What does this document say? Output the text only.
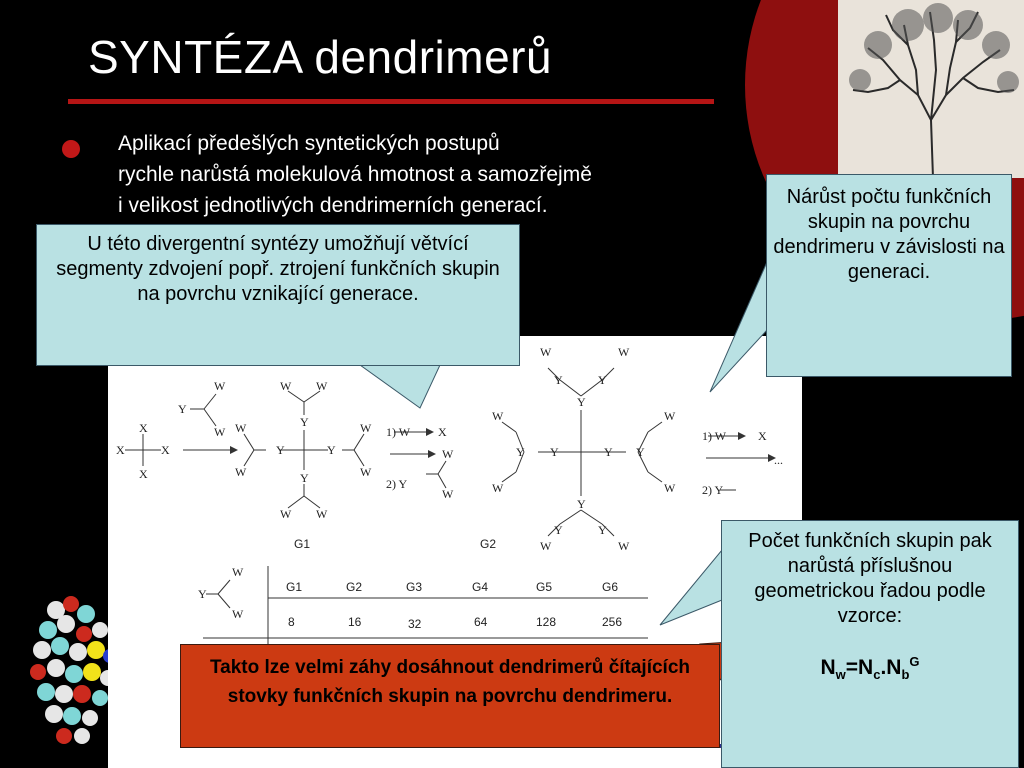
SYNTÉZA dendrimerů

Aplikací předešlých syntetických postupů
rychle narůstá molekulová hmotnost a samozřejmě
i velikost jednotlivých dendrimerních generací.

X
X
X	X
Y
W
W
Y	Y
Y
Y
W W
W W
W
W
W
W
1) W X
2) Y
W
W
Y	Y
Y
Y
Y	Y
Y	Y
Y	Y
W	W
W	W
W
W
W
W
1) W	X
...
2) Y
Y
W
W
G1	G2
G1	G2	G3	G4	G5	G6
8	16	32	64	128	256
U této divergentní syntézy umožňují větvící segmenty zdvojení popř. ztrojení funkčních skupin na povrchu vznikající generace.
Nárůst počtu funkčních skupin na povrchu dendrimeru v závislosti na generaci.
Počet funkčních skupin pak narůstá příslušnou geometrickou řadou podle vzorce:
$N_w=N_c.N_b^G$
Takto lze velmi záhy dosáhnout dendrimerů čítajících stovky funkčních skupin na povrchu dendrimeru.
